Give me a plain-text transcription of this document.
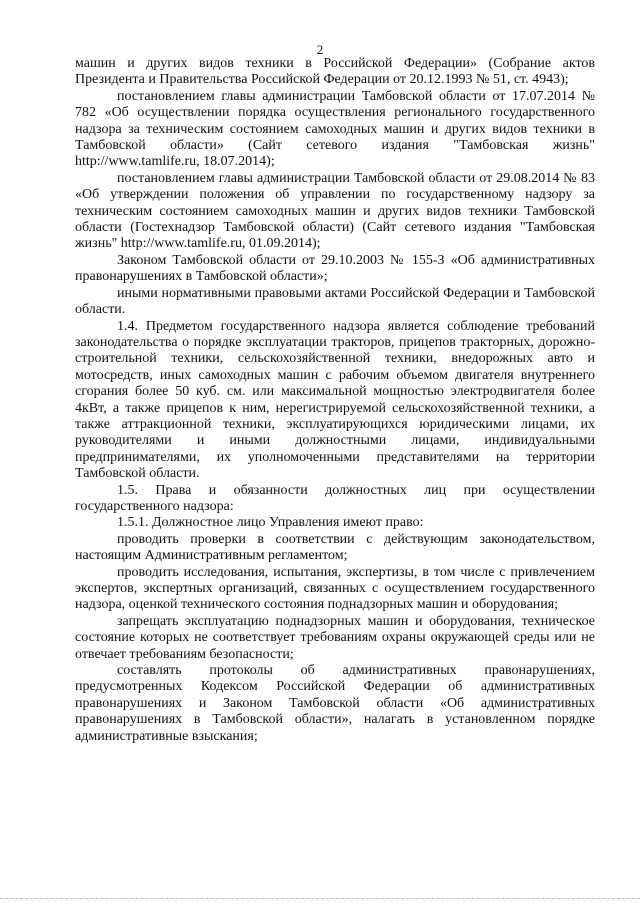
2

машин и других видов техники в Российской Федерации» (Собрание актов Президента и Правительства Российской Федерации от 20.12.1993 № 51, ст. 4943);

постановлением главы администрации Тамбовской области от 17.07.2014 № 782 «Об осуществлении порядка осуществления регионального государственного надзора за техническим состоянием самоходных машин и других видов техники в Тамбовской области» (Сайт сетевого издания "Тамбовская жизнь" http://www.tamlife.ru, 18.07.2014);

постановлением главы администрации Тамбовской области от 29.08.2014 № 83 «Об утверждении положения об управлении по государственному надзору за техническим состоянием самоходных машин и других видов техники Тамбовской области (Гостехнадзор Тамбовской области) (Сайт сетевого издания "Тамбовская жизнь" http://www.tamlife.ru, 01.09.2014);

Законом Тамбовской области от 29.10.2003 № 155-З «Об административных правонарушениях в Тамбовской области»;

иными нормативными правовыми актами Российской Федерации и Тамбовской области.

1.4. Предметом государственного надзора является соблюдение требований законодательства о порядке эксплуатации тракторов, прицепов тракторных, дорожно-строительной техники, сельскохозяйственной техники, внедорожных авто и мотосредств, иных самоходных машин с рабочим объемом двигателя внутреннего сгорания более 50 куб. см. или максимальной мощностью электродвигателя более 4кВт, а также прицепов к ним, нерегистрируемой сельскохозяйственной техники, а также аттракционной техники, эксплуатирующихся юридическими лицами, их руководителями и иными должностными лицами, индивидуальными предпринимателями, их уполномоченными представителями на территории Тамбовской области.

1.5. Права и обязанности должностных лиц при осуществлении государственного надзора:

1.5.1. Должностное лицо Управления имеют право:

проводить проверки в соответствии с действующим законодательством, настоящим Административным регламентом;

проводить исследования, испытания, экспертизы, в том числе с привлечением экспертов, экспертных организаций, связанных с осуществлением государственного надзора, оценкой технического состояния поднадзорных машин и оборудования;

запрещать эксплуатацию поднадзорных машин и оборудования, техническое состояние которых не соответствует требованиям охраны окружающей среды или не отвечает требованиям безопасности;

составлять протоколы об административных правонарушениях, предусмотренных Кодексом Российской Федерации об административных правонарушениях и Законом Тамбовской области «Об административных правонарушениях в Тамбовской области», налагать в установленном порядке административные взыскания;
